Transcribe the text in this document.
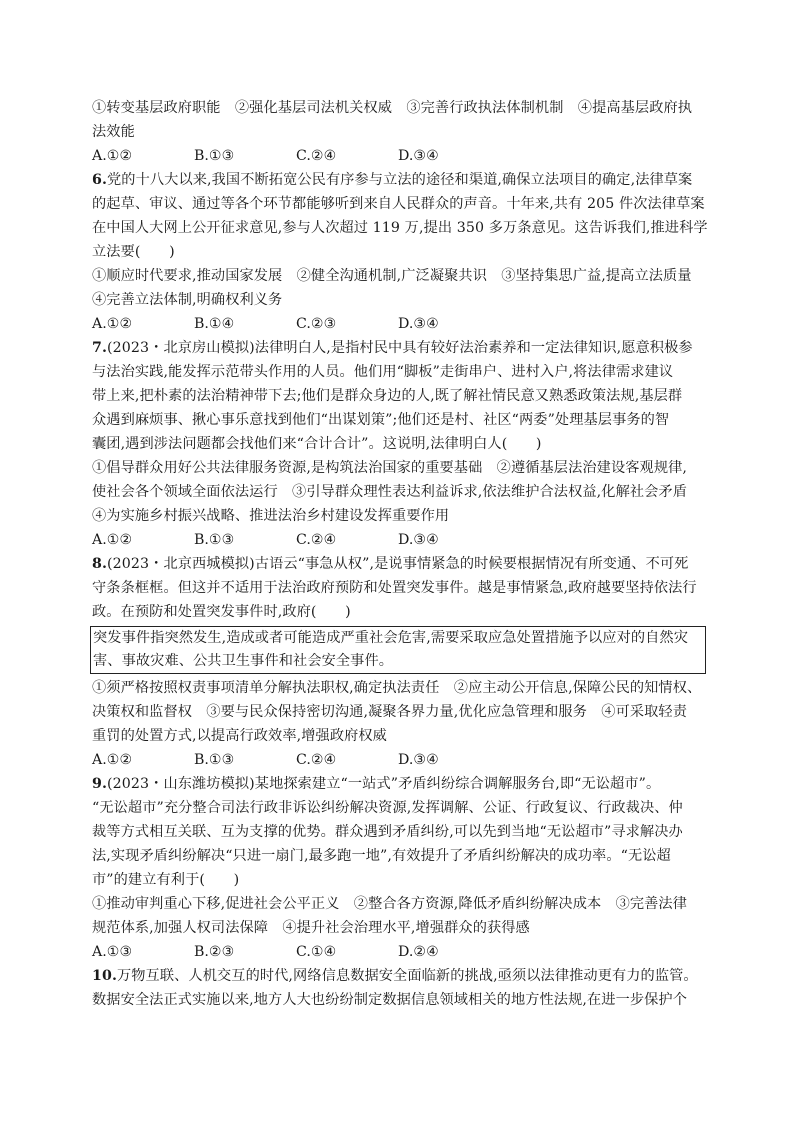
①转变基层政府职能　②强化基层司法机关权威　③完善行政执法体制机制　④提高基层政府执
法效能
A.①②	B.①③	C.②④	D.③④
6.党的十八大以来,我国不断拓宽公民有序参与立法的途径和渠道,确保立法项目的确定,法律草案
的起草、审议、通过等各个环节都能够听到来自人民群众的声音。十年来,共有 205 件次法律草案
在中国人大网上公开征求意见,参与人次超过 119 万,提出 350 多万条意见。这告诉我们,推进科学
立法要(　　)
①顺应时代要求,推动国家发展　②健全沟通机制,广泛凝聚共识　③坚持集思广益,提高立法质量
④完善立法体制,明确权利义务
A.①②	B.①④	C.②③	D.③④
7.(2023・北京房山模拟)法律明白人,是指村民中具有较好法治素养和一定法律知识,愿意积极参
与法治实践,能发挥示范带头作用的人员。他们用“脚板”走街串户、进村入户,将法律需求建议
带上来,把朴素的法治精神带下去;他们是群众身边的人,既了解社情民意又熟悉政策法规,基层群
众遇到麻烦事、揪心事乐意找到他们“出谋划策”;他们还是村、社区“两委”处理基层事务的智
囊团,遇到涉法问题都会找他们来“合计合计”。这说明,法律明白人(　　)
①倡导群众用好公共法律服务资源,是构筑法治国家的重要基础　②遵循基层法治建设客观规律,
使社会各个领域全面依法运行　③引导群众理性表达利益诉求,依法维护合法权益,化解社会矛盾
④为实施乡村振兴战略、推进法治乡村建设发挥重要作用
A.①②	B.①③	C.②④	D.③④
8.(2023・北京西城模拟)古语云“事急从权”,是说事情紧急的时候要根据情况有所变通、不可死
守条条框框。但这并不适用于法治政府预防和处置突发事件。越是事情紧急,政府越要坚持依法行
政。在预防和处置突发事件时,政府(　　)
突发事件指突然发生,造成或者可能造成严重社会危害,需要采取应急处置措施予以应对的自然灾
害、事故灾难、公共卫生事件和社会安全事件。
①须严格按照权责事项清单分解执法职权,确定执法责任　②应主动公开信息,保障公民的知情权、
决策权和监督权　③要与民众保持密切沟通,凝聚各界力量,优化应急管理和服务　④可采取轻责
重罚的处置方式,以提高行政效率,增强政府权威
A.①②	B.①③	C.②④	D.③④
9.(2023・山东潍坊模拟)某地探索建立“一站式”矛盾纠纷综合调解服务台,即“无讼超市”。
“无讼超市”充分整合司法行政非诉讼纠纷解决资源,发挥调解、公证、行政复议、行政裁决、仲
裁等方式相互关联、互为支撑的优势。群众遇到矛盾纠纷,可以先到当地“无讼超市”寻求解决办
法,实现矛盾纠纷解决“只进一扇门,最多跑一地”,有效提升了矛盾纠纷解决的成功率。“无讼超
市”的建立有利于(　　)
①推动审判重心下移,促进社会公平正义　②整合各方资源,降低矛盾纠纷解决成本　③完善法律
规范体系,加强人权司法保障　④提升社会治理水平,增强群众的获得感
A.①③	B.②③	C.①④	D.②④
10.万物互联、人机交互的时代,网络信息数据安全面临新的挑战,亟须以法律推动更有力的监管。
数据安全法正式实施以来,地方人大也纷纷制定数据信息领域相关的地方性法规,在进一步保护个
